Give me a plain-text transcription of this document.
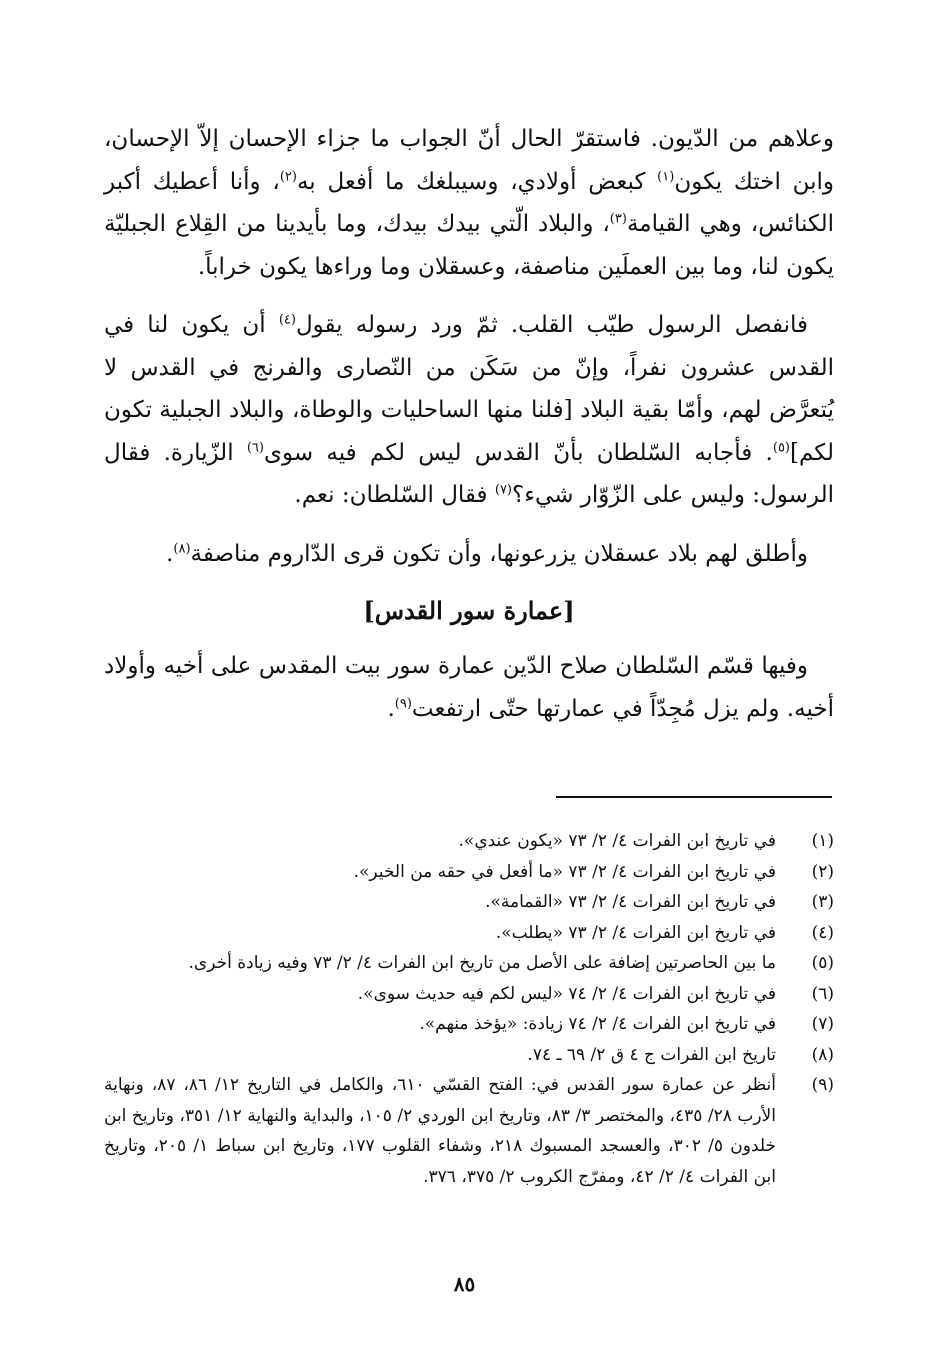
وعلاهم من الدّيون. فاستقرّ الحال أنّ الجواب ما جزاء الإحسان إلاّ الإحسان، وابن اختك يكون$^{(١)}$ كبعض أولادي، وسيبلغك ما أفعل به$^{(٢)}$، وأنا أعطيك أكبر الكنائس، وهي القيامة$^{(٣)}$، والبلاد الّتي بيدك بيدك، وما بأيدينا من القِلاع الجبليّة يكون لنا، وما بين العملَين مناصفة، وعسقلان وما وراءها يكون خراباً.

فانفصل الرسول طيّب القلب. ثمّ ورد رسوله يقول$^{(٤)}$ أن يكون لنا في القدس عشرون نفراً، وإنّ من سَكَن من النّصارى والفرنج في القدس لا يُتعرَّض لهم، وأمّا بقية البلاد [فلنا منها الساحليات والوطاة، والبلاد الجبلية تكون لكم]$^{(٥)}$. فأجابه السّلطان بأنّ القدس ليس لكم فيه سوى$^{(٦)}$ الزّيارة. فقال الرسول: وليس على الزّوّار شيء؟$^{(٧)}$ فقال السّلطان: نعم.

وأطلق لهم بلاد عسقلان يزرعونها، وأن تكون قرى الدّاروم مناصفة$^{(٨)}$.

[عمارة سور القدس]

وفيها قسّم السّلطان صلاح الدّين عمارة سور بيت المقدس على أخيه وأولاد أخيه. ولم يزل مُجِدّاً في عمارتها حتّى ارتفعت$^{(٩)}$.

(١)
في تاريخ ابن الفرات ٤/ ٢/ ٧٣ «يكون عندي».
(٢)
في تاريخ ابن الفرات ٤/ ٢/ ٧٣ «ما أفعل في حقه من الخير».
(٣)
في تاريخ ابن الفرات ٤/ ٢/ ٧٣ «القمامة».
(٤)
في تاريخ ابن الفرات ٤/ ٢/ ٧٣ «يطلب».
(٥)
ما بين الحاصرتين إضافة على الأصل من تاريخ ابن الفرات ٤/ ٢/ ٧٣ وفيه زيادة أخرى.
(٦)
في تاريخ ابن الفرات ٤/ ٢/ ٧٤ «ليس لكم فيه حديث سوى».
(٧)
في تاريخ ابن الفرات ٤/ ٢/ ٧٤ زيادة: «يؤخذ منهم».
(٨)
تاريخ ابن الفرات ج ٤ ق ٢/ ٦٩ ـ ٧٤.
(٩)
أنظر عن عمارة سور القدس في: الفتح القسّي ٦١٠، والكامل في التاريخ ١٢/ ٨٦، ٨٧، ونهاية الأرب ٢٨/ ٤٣٥، والمختصر ٣/ ٨٣، وتاريخ ابن الوردي ٢/ ١٠٥، والبداية والنهاية ١٢/ ٣٥١، وتاريخ ابن خلدون ٥/ ٣٠٢، والعسجد المسبوك ٢١٨، وشفاء القلوب ١٧٧، وتاريخ ابن سباط ١/ ٢٠٥، وتاريخ ابن الفرات ٤/ ٢/ ٤٢، ومفرّج الكروب ٢/ ٣٧٥، ٣٧٦.
٨٥
